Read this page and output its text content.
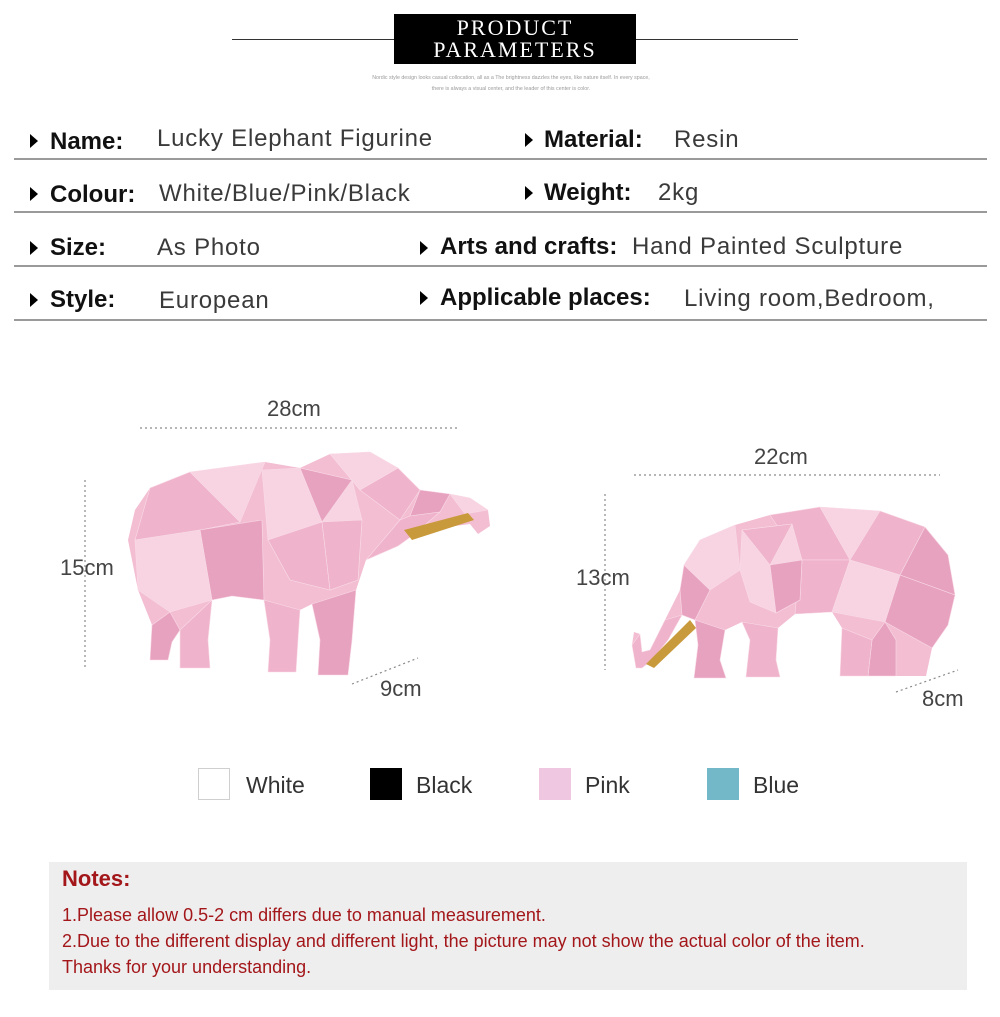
PRODUCT
PARAMETERS
Nordic style design looks casual collocation, all as a The brightness dazzles the eyes, like nature itself. In every space,
there is always a visual center, and the leader of this center is color.
Name: Lucky Elephant Figurine	Material: Resin
Colour: White/Blue/Pink/Black	Weight: 2kg
Size: As Photo	Arts and crafts: Hand Painted Sculpture
Style: European	Applicable places: Living room,Bedroom,
28cm
15cm
9cm
22cm
13cm
8cm
White	Black	Pink	Blue
Notes:
1.Please allow 0.5-2 cm differs due to manual measurement.
2.Due to the different display and different light, the picture may not show the actual color of the item.
Thanks for your understanding.
